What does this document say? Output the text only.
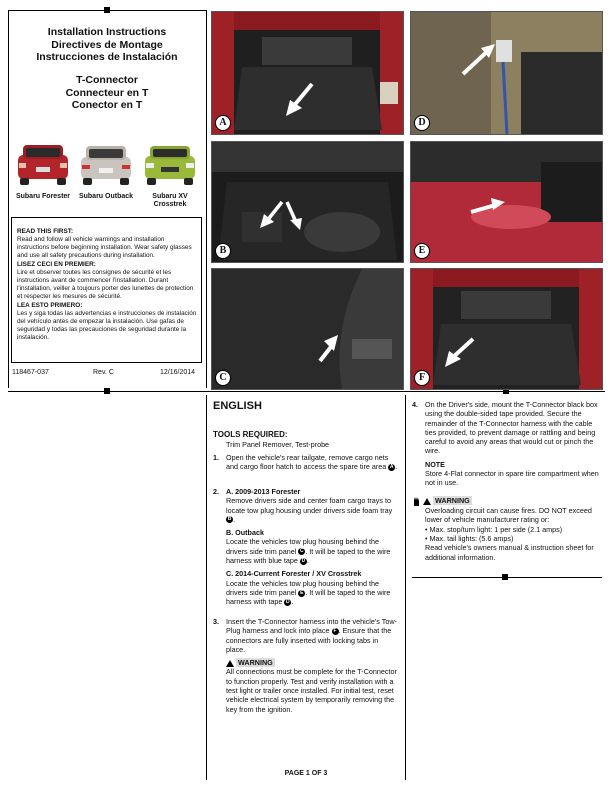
Installation Instructions
Directives de Montage
Instrucciones de Instalación
T-Connector
Connecteur en T
Conector en T
Subaru Forester	Subaru Outback	Subaru XV Crosstrek
READ THIS FIRST:
Read and follow all vehicle warnings and installation instructions before beginning installation. Wear safety glasses and use all safety precautions during installation.
LISEZ CECI EN PREMIER:
Lire et observer toutes les consignes de sécurité et les instructions avant de commencer l'installation. Durant l'installation, veiller à toujours porter des lunettes de protection et respecter les mesures de sécurité.
LEA ESTO PRIMERO:
Les y siga todas las advertencias e instrucciones de instalación del vehículo antes de empezar la instalación. Use gafas de seguridad y todas las precauciones de seguridad durante la instalación.
118467-037	Rev. C	12/16/2014
A	D
B	E
C	F
ENGLISH
TOOLS REQUIRED:
Trim Panel Remover, Test-probe
1. Open the vehicle's rear tailgate, remove cargo nets and cargo floor hatch to access the spare tire area A .
2. A. 2009-2013 Forester
Remove drivers side and center foam cargo trays to locate tow plug housing under drivers side foam tray B .
B. Outback
Locate the vehicles tow plug housing behind the drivers side trim panel C . It will be taped to the wire harness with blue tape D .
C. 2014-Current Forester / XV Crosstrek
Locate the vehicles tow plug housing behind the drivers side trim panel E . It will be taped to the wire harness with tape D .
3. Insert the T-Connector harness into the vehicle's Tow-Plug harness and lock into place F . Ensure that the connectors are fully inserted with locking tabs in place.
WARNING
All connections must be complete for the T-Connector to function properly. Test and verify installation with a test light or trailer once installed. For initial test, reset vehicle electrical system by temporarily removing the key from the ignition.
4. On the Driver's side, mount the T-Connector black box using the double-sided tape provided. Secure the remainder of the T-Connector harness with the cable ties provided, to prevent damage or rattling and being careful to avoid any areas that would cut or pinch the wire.
NOTE
Store 4-Flat connector in spare tire compartment when not in use.
WARNING
Overloading circuit can cause fires. DO NOT exceed lower of vehicle manufacturer rating or:
• Max. stop/turn light: 1 per side (2.1 amps)
• Max. tail lights: (5.6 amps)
Read vehicle's owners manual & instruction sheet for additional information.
PAGE 1 OF 3
